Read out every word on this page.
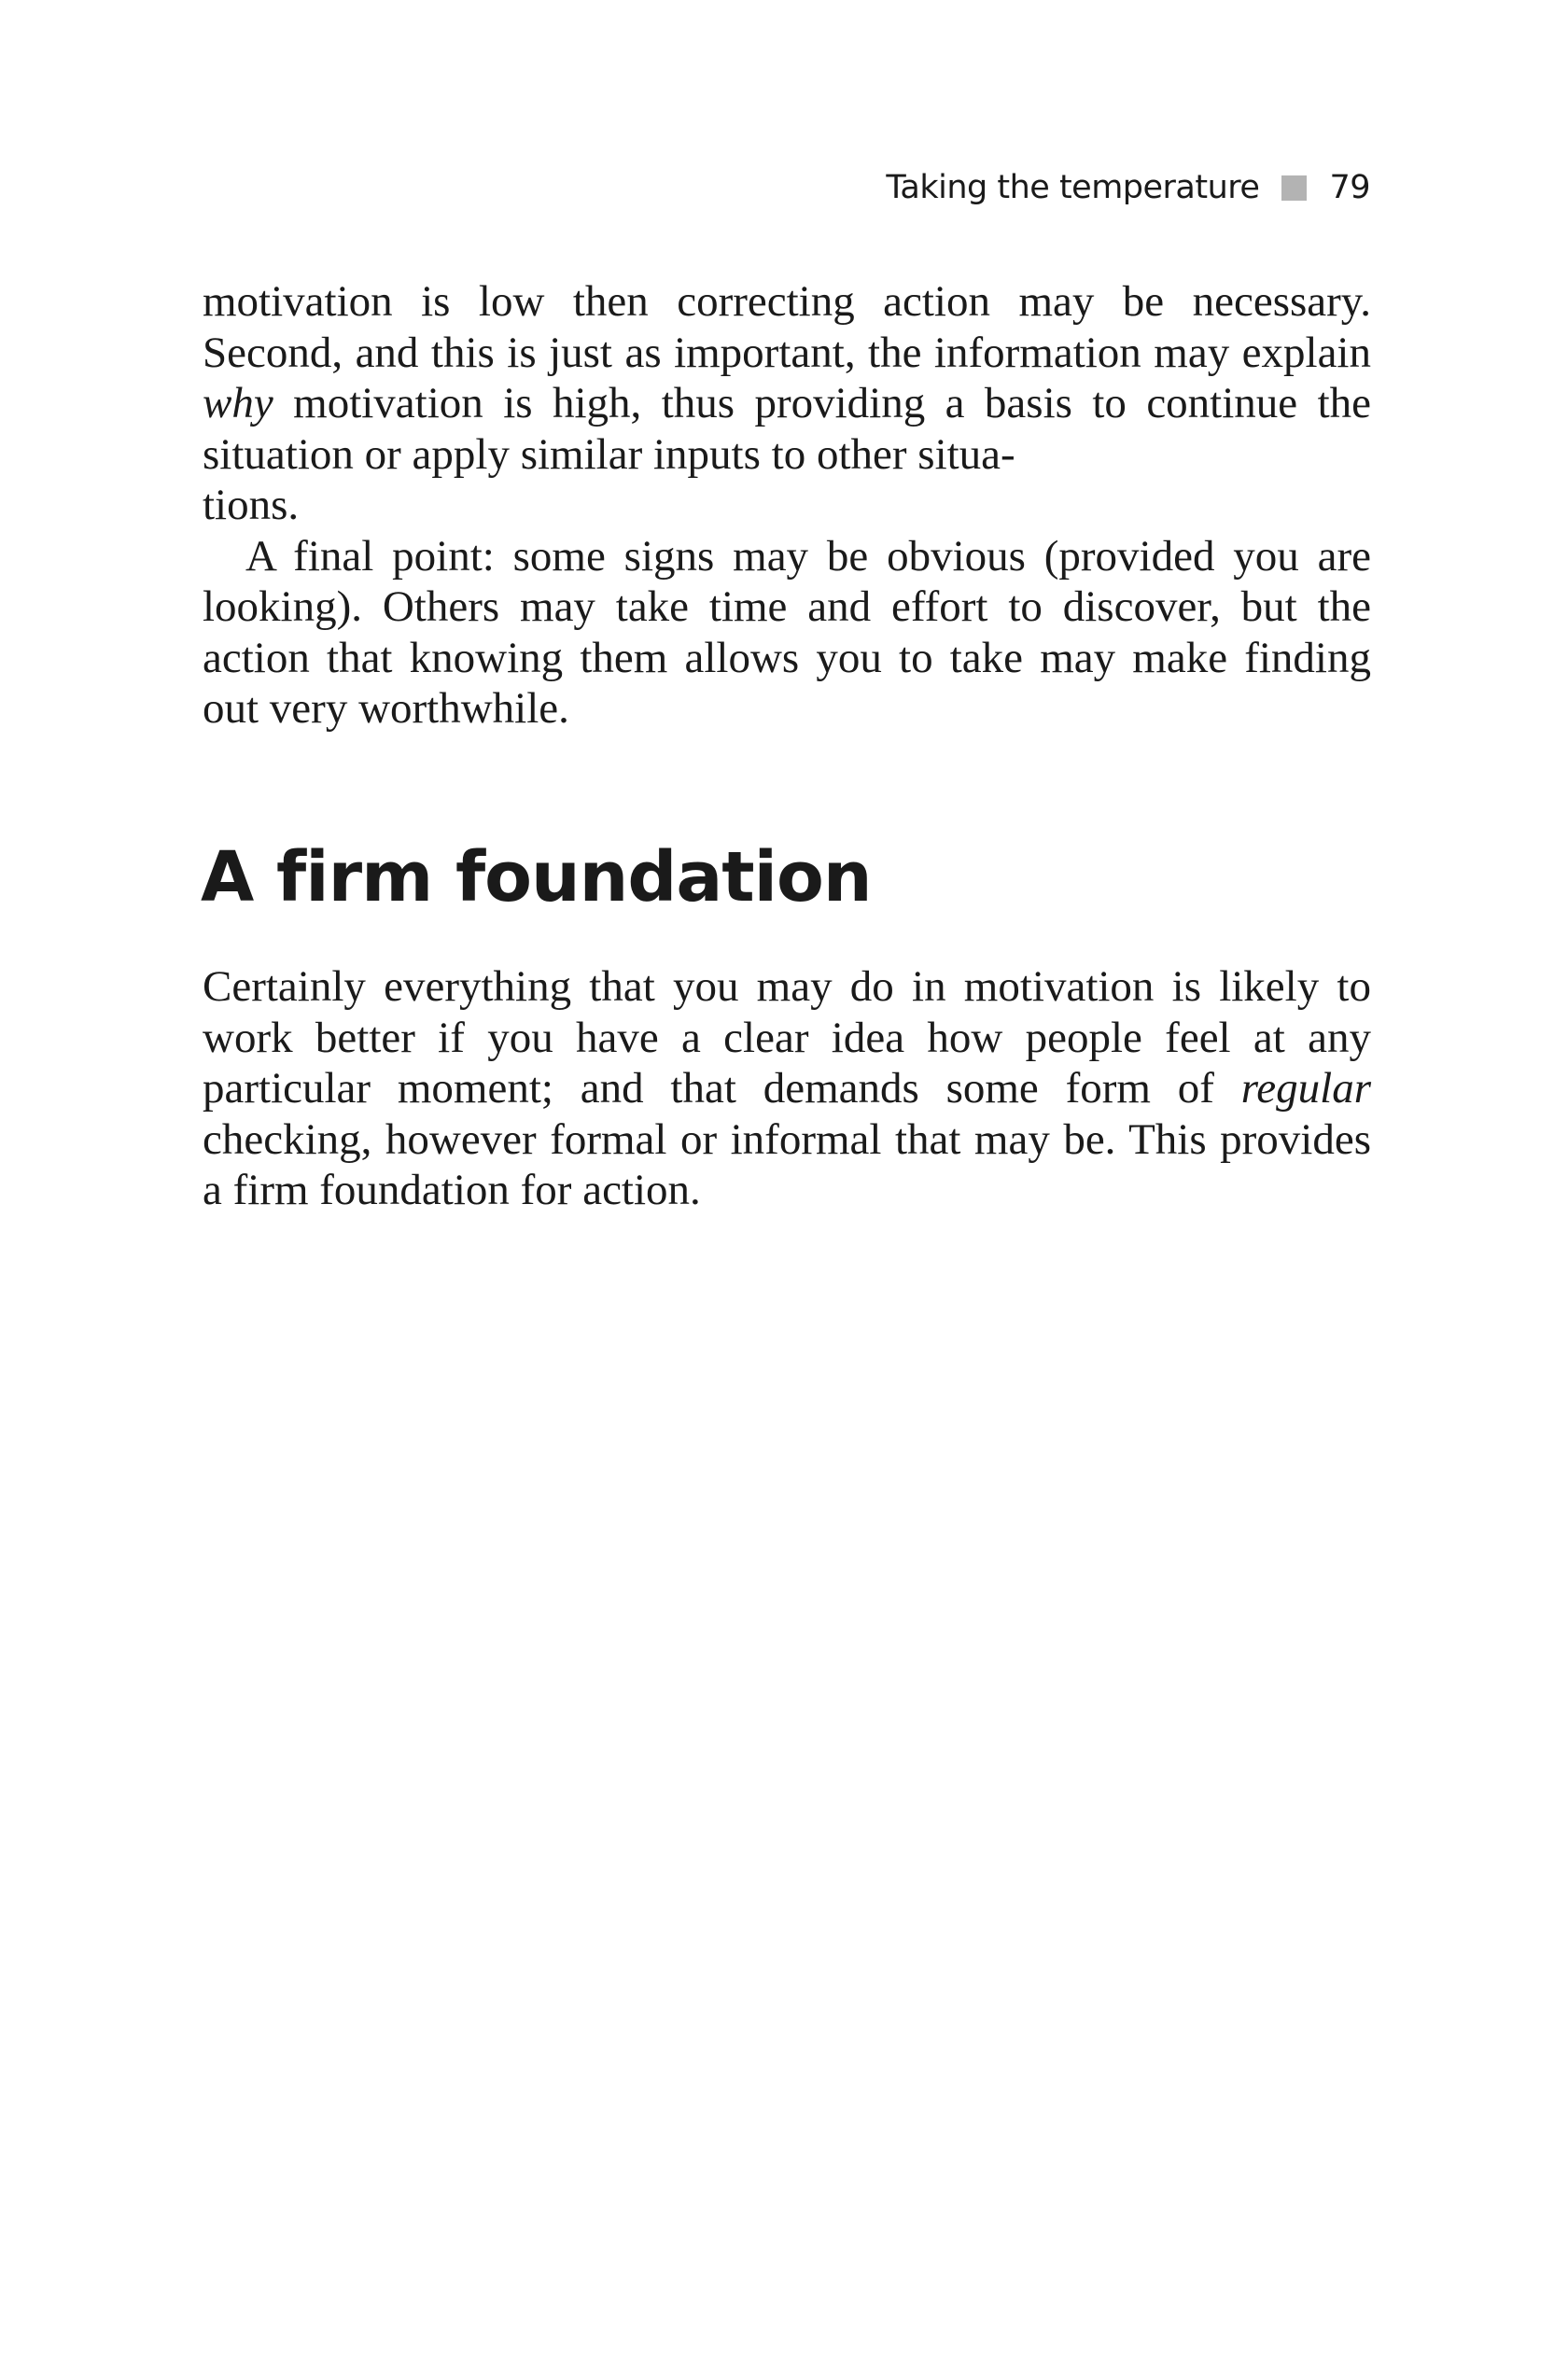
Taking the temperature 79

motivation is low then correcting action may be necessary. Second, and this is just as important, the information may explain why motivation is high, thus providing a basis to continue the situation or apply similar inputs to other situa-
tions.

A final point: some signs may be obvious (provided you are looking). Others may take time and effort to discover, but the action that knowing them allows you to take may make finding out very worthwhile.

A firm foundation

Certainly everything that you may do in motivation is likely to work better if you have a clear idea how people feel at any particular moment; and that demands some form of regular checking, however formal or informal that may be. This provides a firm foundation for action.
